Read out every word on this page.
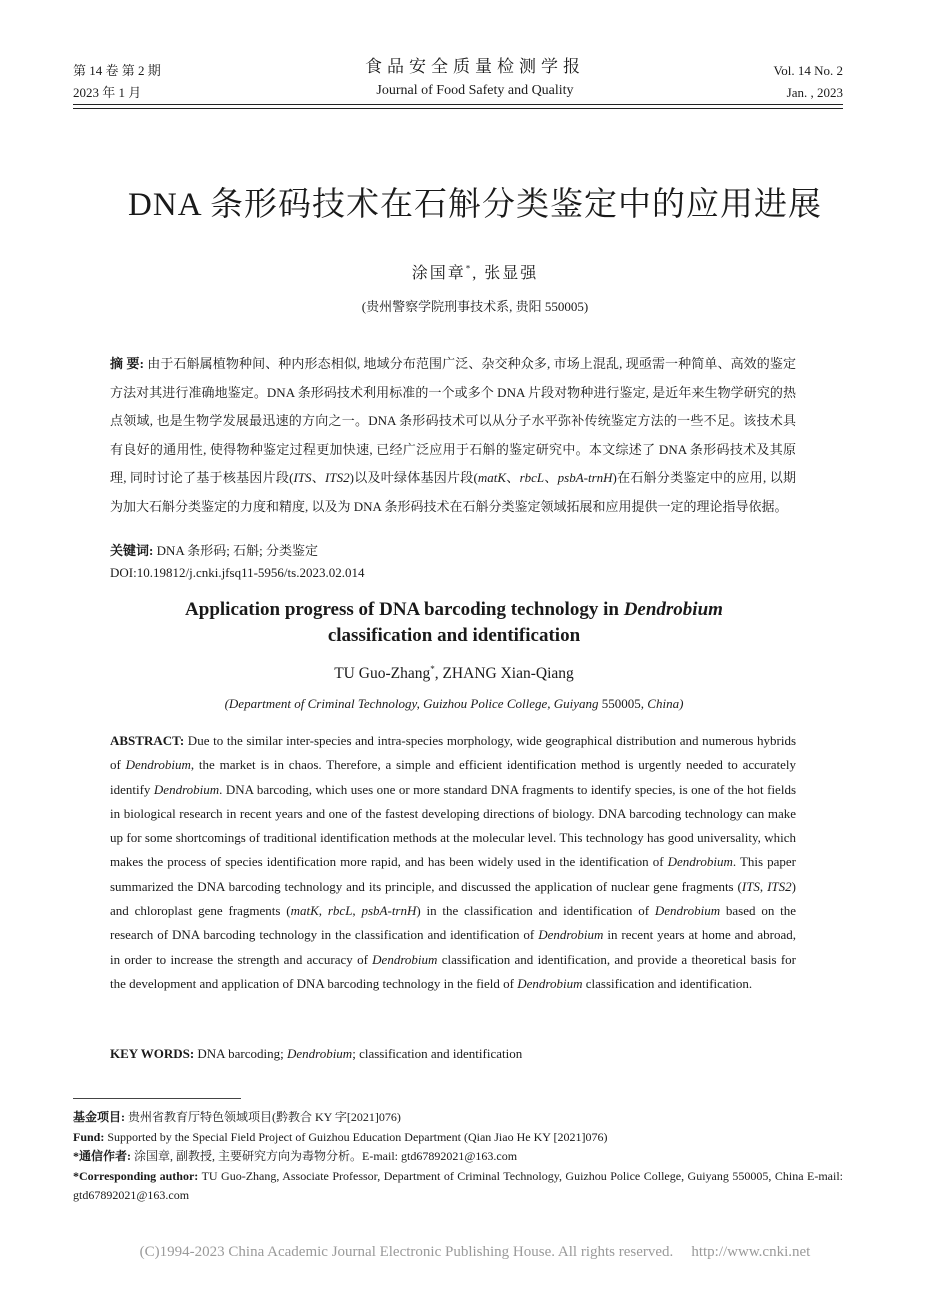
第 14 卷 第 2 期
2023 年 1 月
食品安全质量检测学报
Journal of Food Safety and Quality
Vol. 14 No. 2
Jan. , 2023
DNA 条形码技术在石斛分类鉴定中的应用进展
涂国章*, 张显强
(贵州警察学院刑事技术系, 贵阳 550005)
摘 要: 由于石斛属植物种间、种内形态相似, 地域分布范围广泛、杂交种众多, 市场上混乱, 现亟需一种简单、高效的鉴定方法对其进行准确地鉴定。DNA 条形码技术利用标准的一个或多个 DNA 片段对物种进行鉴定, 是近年来生物学研究的热点领域, 也是生物学发展最迅速的方向之一。DNA 条形码技术可以从分子水平弥补传统鉴定方法的一些不足。该技术具有良好的通用性, 使得物种鉴定过程更加快速, 已经广泛应用于石斛的鉴定研究中。本文综述了 DNA 条形码技术及其原理, 同时讨论了基于核基因片段(ITS、ITS2)以及叶绿体基因片段(matK、rbcL、psbA-trnH)在石斛分类鉴定中的应用, 以期为加大石斛分类鉴定的力度和精度, 以及为 DNA 条形码技术在石斛分类鉴定领域拓展和应用提供一定的理论指导依据。
关键词: DNA 条形码; 石斛; 分类鉴定
DOI:10.19812/j.cnki.jfsq11-5956/ts.2023.02.014
Application progress of DNA barcoding technology in Dendrobium
classification and identification
TU Guo-Zhang*, ZHANG Xian-Qiang
(Department of Criminal Technology, Guizhou Police College, Guiyang 550005, China)
ABSTRACT: Due to the similar inter-species and intra-species morphology, wide geographical distribution and numerous hybrids of Dendrobium, the market is in chaos. Therefore, a simple and efficient identification method is urgently needed to accurately identify Dendrobium. DNA barcoding, which uses one or more standard DNA fragments to identify species, is one of the hot fields in biological research in recent years and one of the fastest developing directions of biology. DNA barcoding technology can make up for some shortcomings of traditional identification methods at the molecular level. This technology has good universality, which makes the process of species identification more rapid, and has been widely used in the identification of Dendrobium. This paper summarized the DNA barcoding technology and its principle, and discussed the application of nuclear gene fragments (ITS, ITS2) and chloroplast gene fragments (matK, rbcL, psbA-trnH) in the classification and identification of Dendrobium based on the research of DNA barcoding technology in the classification and identification of Dendrobium in recent years at home and abroad, in order to increase the strength and accuracy of Dendrobium classification and identification, and provide a theoretical basis for the development and application of DNA barcoding technology in the field of Dendrobium classification and identification.
KEY WORDS: DNA barcoding; Dendrobium; classification and identification

基金项目: 贵州省教育厅特色领域项目(黔教合 KY 字[2021]076)

Fund: Supported by the Special Field Project of Guizhou Education Department (Qian Jiao He KY [2021]076)

*通信作者: 涂国章, 副教授, 主要研究方向为毒物分析。E-mail: gtd67892021@163.com

*Corresponding author: TU Guo-Zhang, Associate Professor, Department of Criminal Technology, Guizhou Police College, Guiyang 550005, China E-mail: gtd67892021@163.com

(C)1994-2023 China Academic Journal Electronic Publishing House. All rights reserved. http://www.cnki.net
